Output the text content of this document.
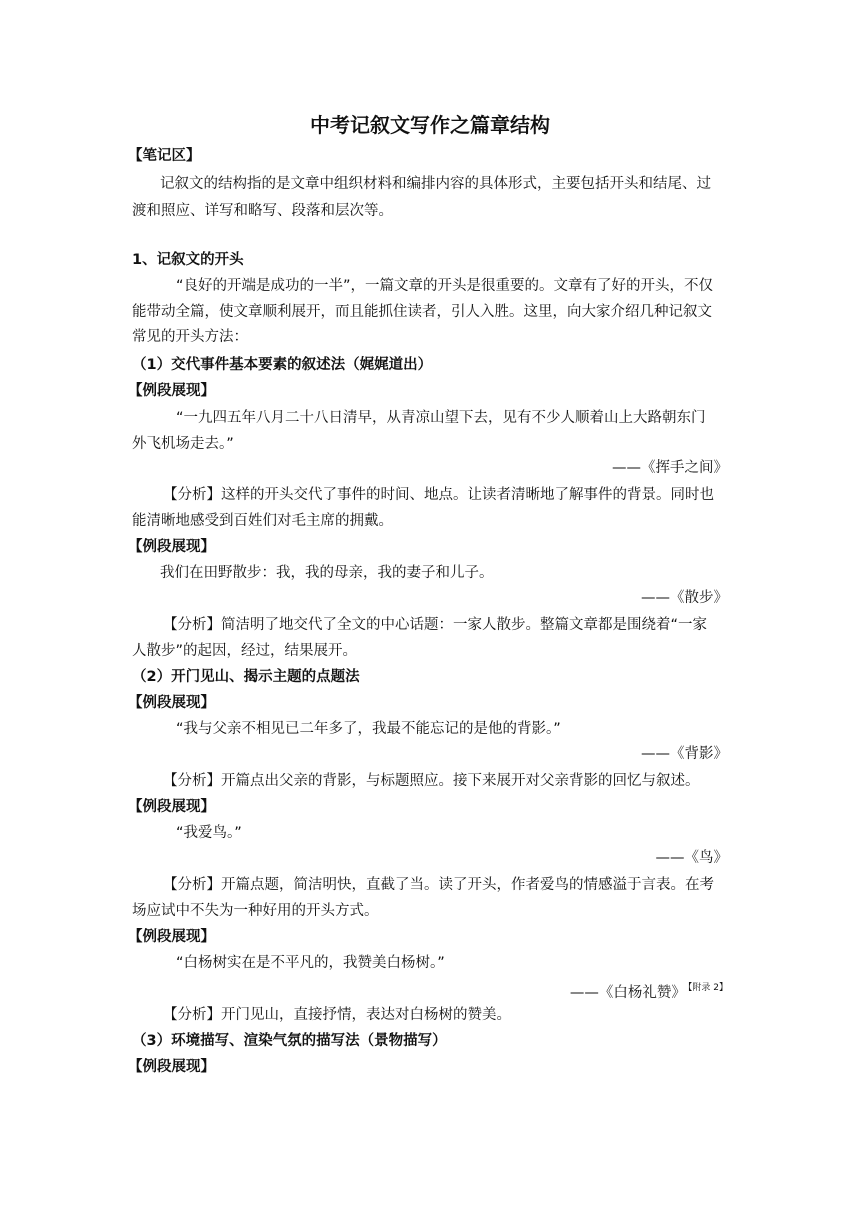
中考记叙文写作之篇章结构
【笔记区】
记叙文的结构指的是文章中组织材料和编排内容的具体形式，主要包括开头和结尾、过
渡和照应、详写和略写、段落和层次等。
1、记叙文的开头
“良好的开端是成功的一半”，一篇文章的开头是很重要的。文章有了好的开头，不仅
能带动全篇，使文章顺利展开，而且能抓住读者，引人入胜。这里，向大家介绍几种记叙文
常见的开头方法：
（1）交代事件基本要素的叙述法（娓娓道出）
【例段展现】
“一九四五年八月二十八日清早，从青凉山望下去，见有不少人顺着山上大路朝东门
外飞机场走去。”
——《挥手之间》
【分析】这样的开头交代了事件的时间、地点。让读者清晰地了解事件的背景。同时也
能清晰地感受到百姓们对毛主席的拥戴。
【例段展现】
我们在田野散步：我，我的母亲，我的妻子和儿子。
——《散步》
【分析】简洁明了地交代了全文的中心话题：一家人散步。整篇文章都是围绕着“一家
人散步”的起因，经过，结果展开。
（2）开门见山、揭示主题的点题法
【例段展现】
“我与父亲不相见已二年多了，我最不能忘记的是他的背影。”
——《背影》
【分析】开篇点出父亲的背影，与标题照应。接下来展开对父亲背影的回忆与叙述。
【例段展现】
“我爱鸟。”
——《鸟》
【分析】开篇点题，简洁明快，直截了当。读了开头，作者爱鸟的情感溢于言表。在考
场应试中不失为一种好用的开头方式。
【例段展现】
“白杨树实在是不平凡的，我赞美白杨树。”
——《白杨礼赞》 $^{【附录 2】}$
【分析】开门见山，直接抒情，表达对白杨树的赞美。
（3）环境描写、渲染气氛的描写法（景物描写）
【例段展现】
